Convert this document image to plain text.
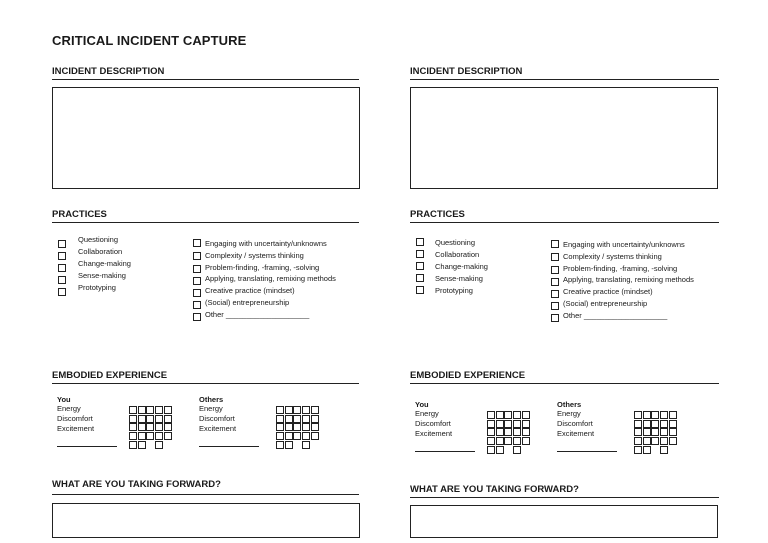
CRITICAL INCIDENT CAPTURE
INCIDENT DESCRIPTION
PRACTICES
Questioning
Collaboration
Change-making
Sense-making
Prototyping
Engaging with uncertainty/unknowns
Complexity / systems thinking
Problem-finding, -framing, -solving
Applying, translating, remixing methods
Creative practice (mindset)
(Social) entrepreneurship
Other ____________________
EMBODIED EXPERIENCE
You
Energy
Discomfort
Excitement
Others
Energy
Discomfort
Excitement
WHAT ARE YOU TAKING FORWARD?
INCIDENT DESCRIPTION
PRACTICES
Questioning
Collaboration
Change-making
Sense-making
Prototyping
Engaging with uncertainty/unknowns
Complexity / systems thinking
Problem-finding, -framing, -solving
Applying, translating, remixing methods
Creative practice (mindset)
(Social) entrepreneurship
Other ____________________
EMBODIED EXPERIENCE
You
Energy
Discomfort
Excitement
Others
Energy
Discomfort
Excitement
WHAT ARE YOU TAKING FORWARD?
